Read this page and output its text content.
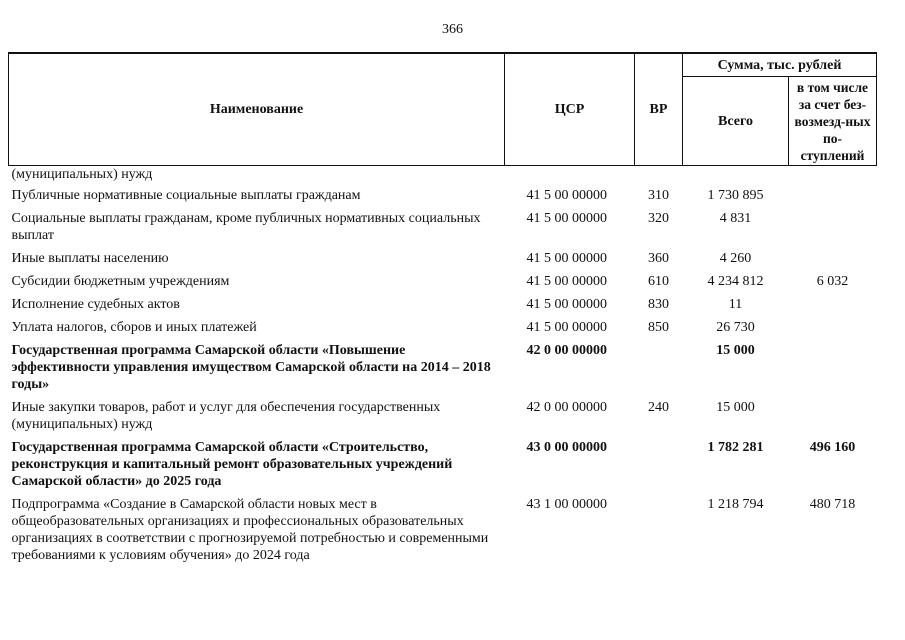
366
Наименование	ЦСР	ВР	Сумма, тыс. рублей	
			Всего	в том числе за счет без-возмезд-ных по-ступлений
(муниципальных) нужд				
Публичные нормативные социальные выплаты гражданам	41 5 00 00000	310	1 730 895	
Социальные выплаты гражданам, кроме публичных нормативных социальных выплат	41 5 00 00000	320	4 831	
Иные выплаты населению	41 5 00 00000	360	4 260	
Субсидии бюджетным учреждениям	41 5 00 00000	610	4 234 812	6 032
Исполнение судебных актов	41 5 00 00000	830	11	
Уплата налогов, сборов и иных платежей	41 5 00 00000	850	26 730	
Государственная программа Самарской области «Повышение эффективности управления имуществом Самарской области на 2014 – 2018 годы»	42 0 00 00000		15 000	
Иные закупки товаров, работ и услуг для обеспечения государственных (муниципальных) нужд	42 0 00 00000	240	15 000	
Государственная программа Самарской области «Строительство, реконструкция и капитальный ремонт образовательных учреждений Самарской области» до 2025 года	43 0 00 00000		1 782 281	496 160
Подпрограмма «Создание в Самарской области новых мест в общеобразовательных организациях и профессиональных образовательных организациях в соответствии с прогнозируемой потребностью и современными требованиями к условиям обучения» до 2024 года	43 1 00 00000		1 218 794	480 718
